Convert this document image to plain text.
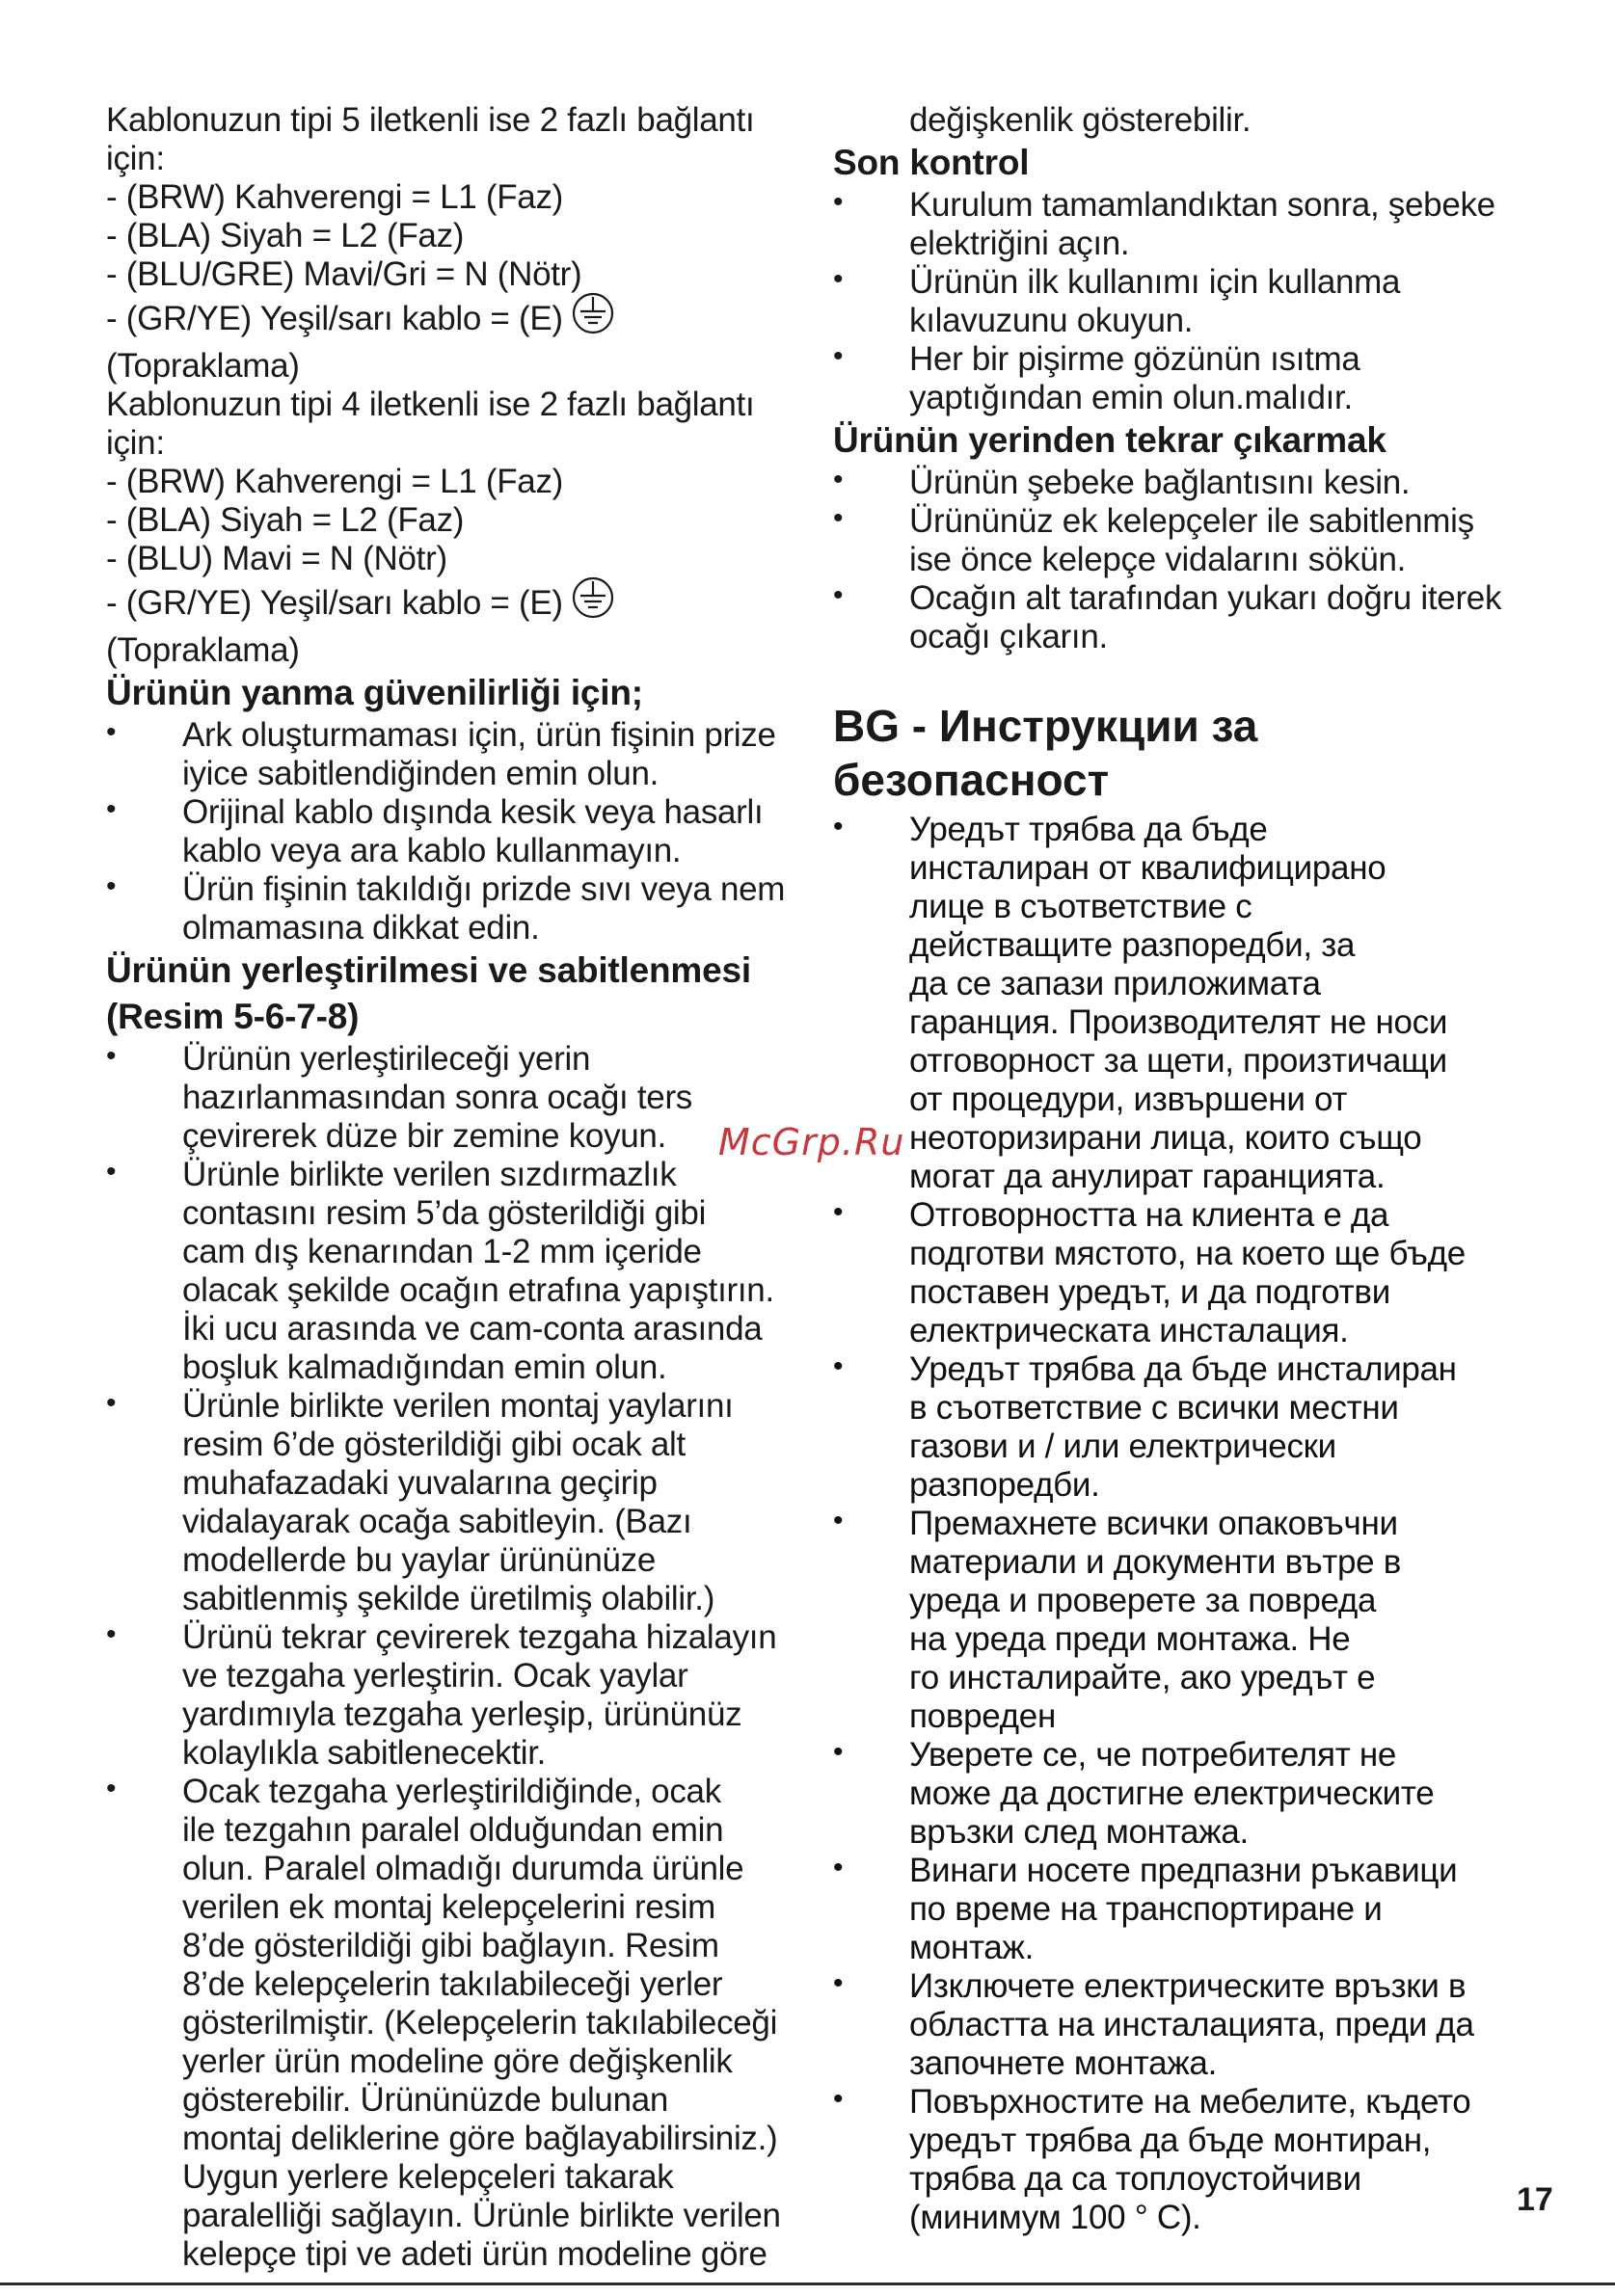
Kablonuzun tipi 5 iletkenli ise 2 fazlı bağlantı
için:
- (BRW) Kahverengi = L1 (Faz)
- (BLA) Siyah = L2 (Faz)
- (BLU/GRE) Mavi/Gri = N (Nötr)
- (GR/YE) Yeşil/sarı kablo = (E)
(Topraklama)
Kablonuzun tipi 4 iletkenli ise 2 fazlı bağlantı
için:
- (BRW) Kahverengi = L1 (Faz)
- (BLA) Siyah = L2 (Faz)
- (BLU) Mavi = N (Nötr)
- (GR/YE) Yeşil/sarı kablo = (E)
(Topraklama)
Ürünün yanma güvenilirliği için;
• Ark oluşturmaması için, ürün fişinin prize
iyice sabitlendiğinden emin olun.
• Orijinal kablo dışında kesik veya hasarlı
kablo veya ara kablo kullanmayın.
• Ürün fişinin takıldığı prizde sıvı veya nem
olmamasına dikkat edin.
Ürünün yerleştirilmesi ve sabitlenmesi
(Resim 5-6-7-8)
• Ürünün yerleştirileceği yerin
hazırlanmasından sonra ocağı ters
çevirerek düze bir zemine koyun.
• Ürünle birlikte verilen sızdırmazlık
contasını resim 5’da gösterildiği gibi
cam dış kenarından 1-2 mm içeride
olacak şekilde ocağın etrafına yapıştırın.
İki ucu arasında ve cam-conta arasında
boşluk kalmadığından emin olun.
• Ürünle birlikte verilen montaj yaylarını
resim 6’de gösterildiği gibi ocak alt
muhafazadaki yuvalarına geçirip
vidalayarak ocağa sabitleyin. (Bazı
modellerde bu yaylar ürününüze
sabitlenmiş şekilde üretilmiş olabilir.)
• Ürünü tekrar çevirerek tezgaha hizalayın
ve tezgaha yerleştirin. Ocak yaylar
yardımıyla tezgaha yerleşip, ürününüz
kolaylıkla sabitlenecektir.
• Ocak tezgaha yerleştirildiğinde, ocak
ile tezgahın paralel olduğundan emin
olun. Paralel olmadığı durumda ürünle
verilen ek montaj kelepçelerini resim
8’de gösterildiği gibi bağlayın. Resim
8’de kelepçelerin takılabileceği yerler
gösterilmiştir. (Kelepçelerin takılabileceği
yerler ürün modeline göre değişkenlik
gösterebilir. Ürününüzde bulunan
montaj deliklerine göre bağlayabilirsiniz.)
Uygun yerlere kelepçeleri takarak
paralelliği sağlayın. Ürünle birlikte verilen
kelepçe tipi ve adeti ürün modeline göre
değişkenlik gösterebilir.
Son kontrol
• Kurulum tamamlandıktan sonra, şebeke
elektriğini açın.
• Ürünün ilk kullanımı için kullanma
kılavuzunu okuyun.
• Her bir pişirme gözünün ısıtma
yaptığından emin olun.malıdır.
Ürünün yerinden tekrar çıkarmak
• Ürünün şebeke bağlantısını kesin.
• Ürününüz ek kelepçeler ile sabitlenmiş
ise önce kelepçe vidalarını sökün.
• Ocağın alt tarafından yukarı doğru iterek
ocağı çıkarın.
BG - Инструкции за
безопасност
• Уредът трябва да бъде
инсталиран от квалифицирано
лице в съответствие с
действащите разпоредби, за
да се запази приложимата
гаранция. Производителят не носи
отговорност за щети, произтичащи
от процедури, извършени от
неоторизирани лица, които също
могат да анулират гаранцията.
• Отговорността на клиента е да
подготви мястото, на което ще бъде
поставен уредът, и да подготви
електрическата инсталация.
• Уредът трябва да бъде инсталиран
в съответствие с всички местни
газови и / или електрически
разпоредби.
• Премахнете всички опаковъчни
материали и документи вътре в
уреда и проверете за повреда
на уреда преди монтажа. Не
го инсталирайте, ако уредът е
повреден
• Уверете се, че потребителят не
може да достигне електрическите
връзки след монтажа.
• Винаги носете предпазни ръкавици
по време на транспортиране и
монтаж.
• Изключете електрическите връзки в
областта на инсталацията, преди да
започнете монтажа.
• Повърхностите на мебелите, където
уредът трябва да бъде монтиран,
трябва да са топлоустойчиви
(минимум 100 ° C).
McGrp.Ru
17
